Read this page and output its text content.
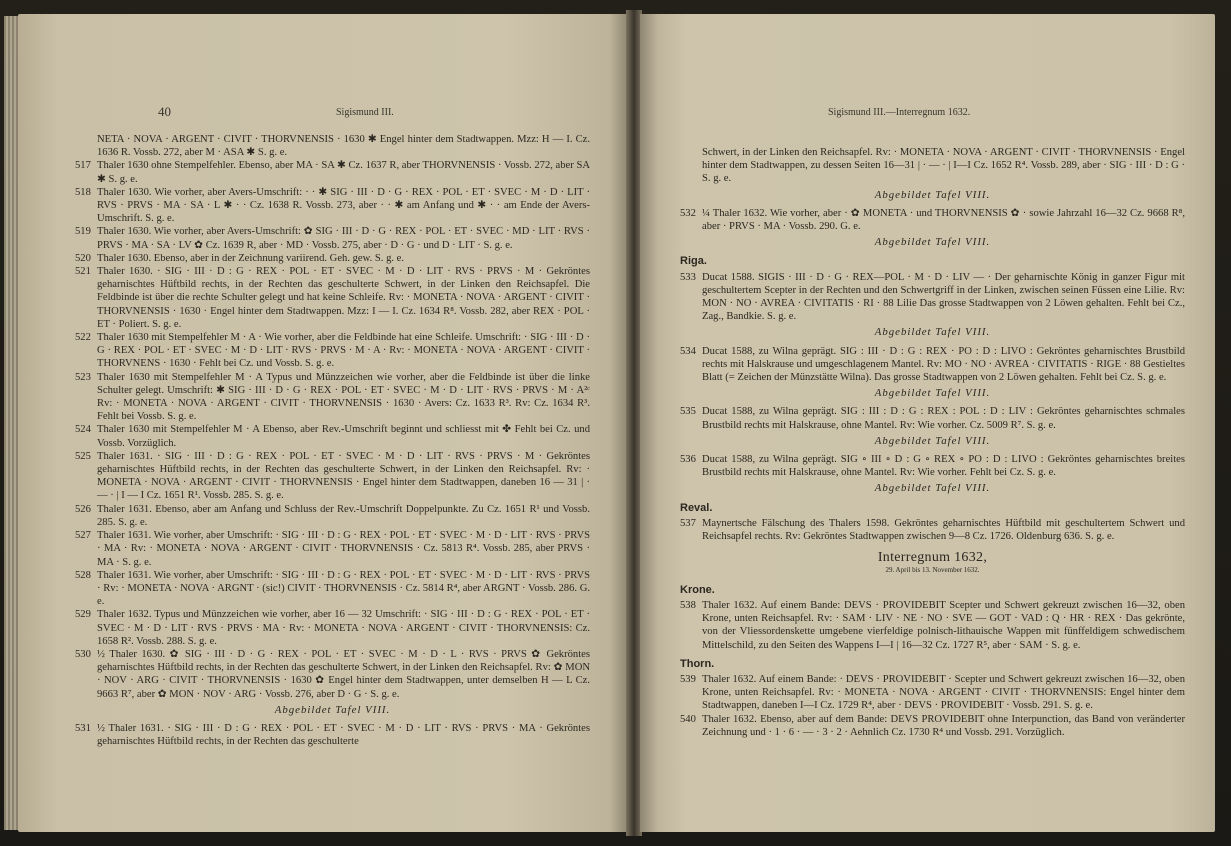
40	Sigismund III.
NETA · NOVA · ARGENT · CIVIT · THORVNENSIS · 1630 ✱ Engel hinter dem Stadtwappen. Mzz: H — I. Cz. 1636 R. Vossb. 272, aber M · ASA ✱ S. g. e.
517 Thaler 1630 ohne Stempelfehler. Ebenso, aber MA · SA ✱ Cz. 1637 R, aber THORVNENSIS · Vossb. 272, aber SA ✱ S. g. e.
518 Thaler 1630. Wie vorher, aber Avers-Umschrift: · · ✱ SIG · III · D · G · REX · POL · ET · SVEC · M · D · LIT · RVS · PRVS · MA · SA · L ✱ · · Cz. 1638 R. Vossb. 273, aber · · ✱ am Anfang und ✱ · · am Ende der Avers-Umschrift. S. g. e.
519 Thaler 1630. Wie vorher, aber Avers-Umschrift: ✿ SIG · III · D · G · REX · POL · ET · SVEC · MD · LIT · RVS · PRVS · MA · SA · LV ✿ Cz. 1639 R, aber · MD · Vossb. 275, aber · D · G · und D · LIT · S. g. e.
520 Thaler 1630. Ebenso, aber in der Zeichnung variirend. Geh. gew. S. g. e.
521 Thaler 1630. · SIG · III · D : G · REX · POL · ET · SVEC · M · D · LIT · RVS · PRVS · M · Gekröntes geharnischtes Hüftbild rechts, in der Rechten das geschulterte Schwert, in der Linken den Reichsapfel. Die Feldbinde ist über die rechte Schulter gelegt und hat keine Schleife. Rv: · MONETA · NOVA · ARGENT · CIVIT · THORVNENSIS · 1630 · Engel hinter dem Stadtwappen. Mzz: I — I. Cz. 1634 R⁸. Vossb. 282, aber REX · POL · ET · Poliert. S. g. e.
522 Thaler 1630 mit Stempelfehler M · A · Wie vorher, aber die Feldbinde hat eine Schleife. Umschrift: · SIG · III · D · G · REX · POL · ET · SVEC · M · D · LIT · RVS · PRVS · M · A · Rv: · MONETA · NOVA · ARGENT · CIVIT · THORVNENS · 1630 · Fehlt bei Cz. und Vossb. S. g. e.
523 Thaler 1630 mit Stempelfehler M · A Typus und Münzzeichen wie vorher, aber die Feldbinde ist über die linke Schulter gelegt. Umschrift: ✱ SIG · III · D · G · REX · POL · ET · SVEC · M · D · LIT · RVS · PRVS · M · A²ᶜ Rv: · MONETA · NOVA · ARGENT · CIVIT · THORVNENSIS · 1630 · Avers: Cz. 1633 R³. Rv: Cz. 1634 R³. Fehlt bei Vossb. S. g. e.
524 Thaler 1630 mit Stempelfehler M · A Ebenso, aber Rev.-Umschrift beginnt und schliesst mit ✤ Fehlt bei Cz. und Vossb. Vorzüglich.
525 Thaler 1631. · SIG · III · D : G · REX · POL · ET · SVEC · M · D · LIT · RVS · PRVS · M · Gekröntes geharnischtes Hüftbild rechts, in der Rechten das geschulterte Schwert, in der Linken den Reichsapfel. Rv: · MONETA · NOVA · ARGENT · CIVIT · THORVNENSIS · Engel hinter dem Stadtwappen, daneben 16 — 31 | · — · | I — I Cz. 1651 R¹. Vossb. 285. S. g. e.
526 Thaler 1631. Ebenso, aber am Anfang und Schluss der Rev.-Umschrift Doppelpunkte. Zu Cz. 1651 R¹ und Vossb. 285. S. g. e.
527 Thaler 1631. Wie vorher, aber Umschrift: · SIG · III · D : G · REX · POL · ET · SVEC · M · D · LIT · RVS · PRVS · MA · Rv: · MONETA · NOVA · ARGENT · CIVIT · THORVNENSIS · Cz. 5813 R⁴. Vossb. 285, aber PRVS · MA · S. g. e.
528 Thaler 1631. Wie vorher, aber Umschrift: · SIG · III · D : G · REX · POL · ET · SVEC · M · D · LIT · RVS · PRVS · Rv: · MONETA · NOVA · ARGNT · (sic!) CIVIT · THORVNENSIS · Cz. 5814 R⁴, aber ARGNT · Vossb. 286. G. e.
529 Thaler 1632. Typus und Münzzeichen wie vorher, aber 16 — 32 Umschrift: · SIG · III · D : G · REX · POL · ET · SVEC · M · D · LIT · RVS · PRVS · MA · Rv: · MONETA · NOVA · ARGENT · CIVIT · THORVNENSIS: Cz. 1658 R². Vossb. 288. S. g. e.
530 ½ Thaler 1630. ✿ SIG · III · D · G · REX · POL · ET · SVEC · M · D · L · RVS · PRVS ✿ Gekröntes geharnischtes Hüftbild rechts, in der Rechten das geschulterte Schwert, in der Linken den Reichsapfel. Rv: ✿ MON · NOV · ARG · CIVIT · THORVNENSIS · 1630 ✿ Engel hinter dem Stadtwappen, unter demselben H — L Cz. 9663 R⁷, aber ✿ MON · NOV · ARG · Vossb. 276, aber D · G · S. g. e.
Abgebildet Tafel VIII.
531 ½ Thaler 1631. · SIG · III · D : G · REX · POL · ET · SVEC · M · D · LIT · RVS · PRVS · MA · Gekröntes geharnischtes Hüftbild rechts, in der Rechten das geschulterte
Sigismund III.—Interregnum 1632.
Schwert, in der Linken den Reichsapfel. Rv: · MONETA · NOVA · ARGENT · CIVIT · THORVNENSIS · Engel hinter dem Stadtwappen, zu dessen Seiten 16—31 | · — · | I—I Cz. 1652 R⁴. Vossb. 289, aber · SIG · III · D : G · S. g. e.
Abgebildet Tafel VIII.
532 ¼ Thaler 1632. Wie vorher, aber · ✿ MONETA · und THORVNENSIS ✿ · sowie Jahrzahl 16—32 Cz. 9668 R⁸, aber · PRVS · MA · Vossb. 290. G. e.
Abgebildet Tafel VIII.
Riga.
533 Ducat 1588. SIGIS · III · D · G · REX—POL · M · D · LIV — · Der geharnischte König in ganzer Figur mit geschultertem Scepter in der Rechten und den Schwertgriff in der Linken, zwischen seinen Füssen eine Lilie. Rv: MON · NO · AVREA · CIVITATIS · RI · 88 Lilie Das grosse Stadtwappen von 2 Löwen gehalten. Fehlt bei Cz., Zag., Bandkie. S. g. e.
Abgebildet Tafel VIII.
534 Ducat 1588, zu Wilna geprägt. SIG : III · D : G : REX · PO : D : LIVO : Gekröntes geharnischtes Brustbild rechts mit Halskrause und umgeschlagenem Mantel. Rv: MO · NO · AVREA · CIVITATIS · RIGE · 88 Gestieltes Blatt (= Zeichen der Münzstätte Wilna). Das grosse Stadtwappen von 2 Löwen gehalten. Fehlt bei Cz. S. g. e.
Abgebildet Tafel VIII.
535 Ducat 1588, zu Wilna geprägt. SIG : III : D : G : REX : POL : D : LIV : Gekröntes geharnischtes schmales Brustbild rechts mit Halskrause, ohne Mantel. Rv: Wie vorher. Cz. 5009 R⁷. S. g. e.
Abgebildet Tafel VIII.
536 Ducat 1588, zu Wilna geprägt. SIG ∘ III ∘ D : G ∘ REX ∘ PO : D : LIVO : Gekröntes geharnischtes breites Brustbild rechts mit Halskrause, ohne Mantel. Rv: Wie vorher. Fehlt bei Cz. S. g. e.
Abgebildet Tafel VIII.
Reval.
537 Maynertsche Fälschung des Thalers 1598. Gekröntes geharnischtes Hüftbild mit geschultertem Schwert und Reichsapfel rechts. Rv: Gekröntes Stadtwappen zwischen 9—8 Cz. 1726. Oldenburg 636. S. g. e.
Interregnum 1632,
29. April bis 13. November 1632.
Krone.
538 Thaler 1632. Auf einem Bande: DEVS · PROVIDEBIT Scepter und Schwert gekreuzt zwischen 16—32, oben Krone, unten Reichsapfel. Rv: · SAM · LIV · NE · NO · SVE — GOT · VAD : Q · HR · REX · Das gekrönte, von der Vliessordenskette umgebene vierfeldige polnisch-lithauische Wappen mit fünffeldigem schwedischem Mittelschild, zu den Seiten des Wappens I—I | 16—32 Cz. 1727 R⁵, aber · SAM · S. g. e.
Thorn.
539 Thaler 1632. Auf einem Bande: · DEVS · PROVIDEBIT · Scepter und Schwert gekreuzt zwischen 16—32, oben Krone, unten Reichsapfel. Rv: · MONETA · NOVA · ARGENT · CIVIT · THORVNENSIS: Engel hinter dem Stadtwappen, daneben I—I Cz. 1729 R⁴, aber · DEVS · PROVIDEBIT · Vossb. 291. S. g. e.
540 Thaler 1632. Ebenso, aber auf dem Bande: DEVS PROVIDEBIT ohne Interpunction, das Band von veränderter Zeichnung und · 1 · 6 · — · 3 · 2 · Aehnlich Cz. 1730 R⁴ und Vossb. 291. Vorzüglich.
